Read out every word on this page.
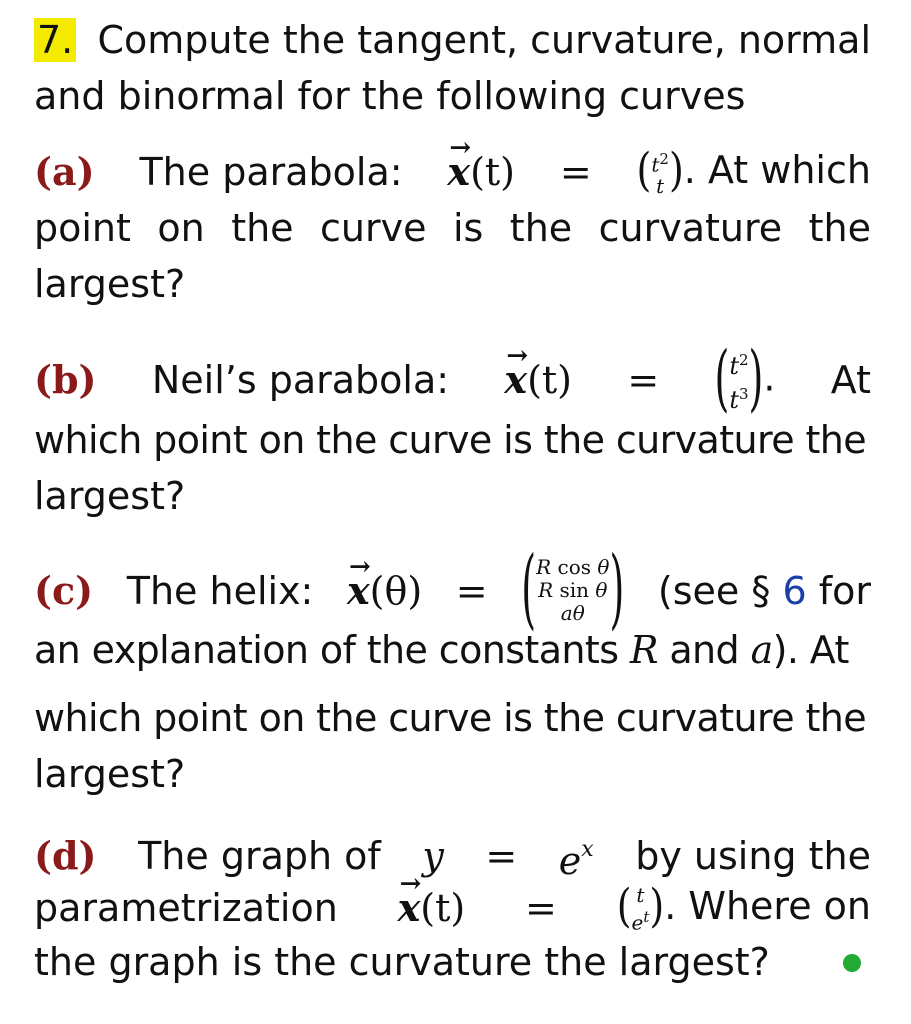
7. Compute the tangent, curvature, normal
and binormal for the following curves
(a) The parabola: → x(t) = ( $t^2$
t ). At which
point on the curve is the curvature the
largest?
(b) Neil’s parabola: → x(t) = ( $t^2$
$t^3$ ). At
which point on the curve is the curvature the
largest?
(c) The helix: → x(θ) = ( R cos θ
R sin θ
aθ ) (see § 6 for
an explanation of the constants R and a). At
which point on the curve is the curvature the
largest?
(d) The graph of $y = e^x$ by using the
parametrization → x(t) = ( t
$e^t$ ). Where on
the graph is the curvature the largest?
